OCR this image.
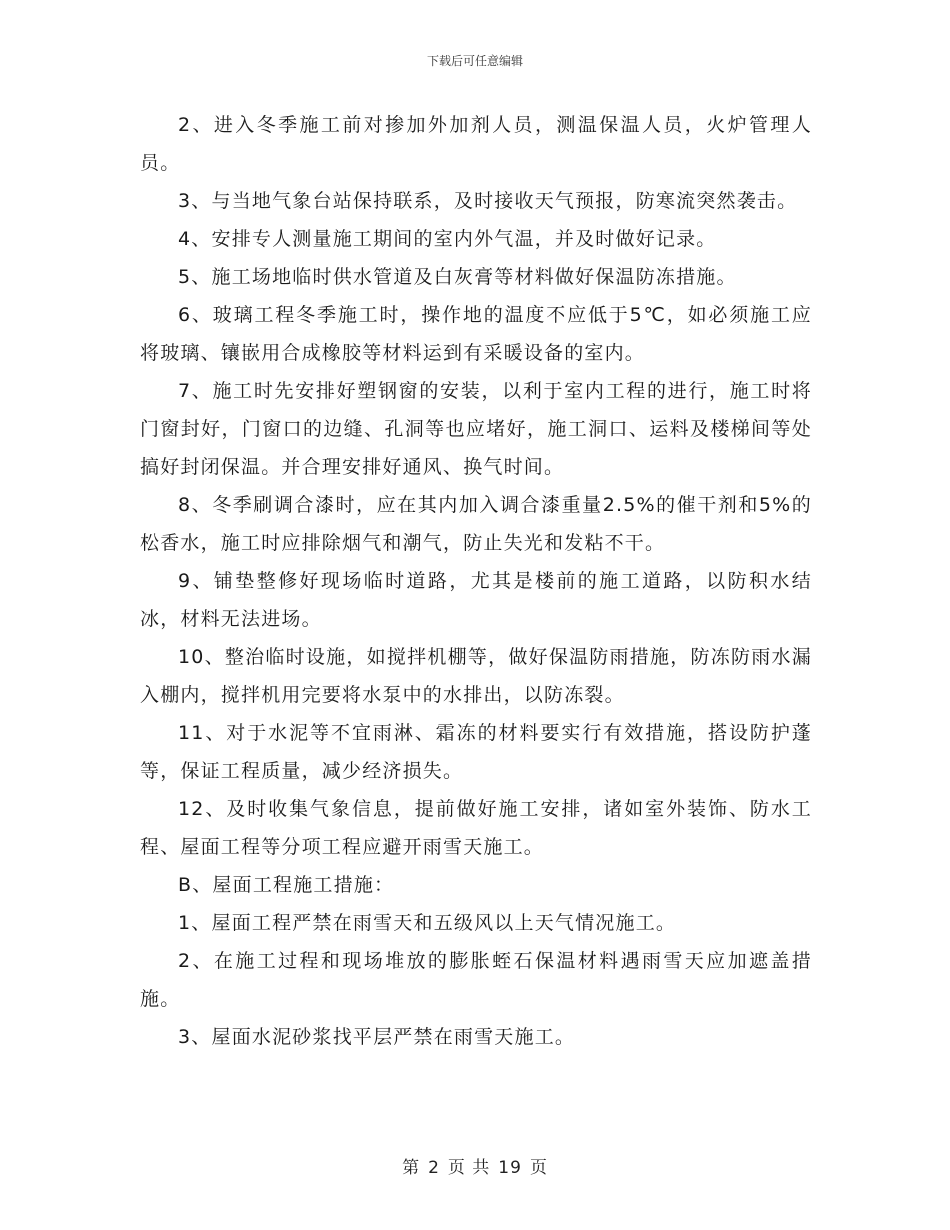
下载后可任意编辑

2、进入冬季施工前对掺加外加剂人员，测温保温人员，火炉管理人员。

3、与当地气象台站保持联系，及时接收天气预报，防寒流突然袭击。

4、安排专人测量施工期间的室内外气温，并及时做好记录。

5、施工场地临时供水管道及白灰膏等材料做好保温防冻措施。

6、玻璃工程冬季施工时，操作地的温度不应低于5℃，如必须施工应将玻璃、镶嵌用合成橡胶等材料运到有采暖设备的室内。

7、施工时先安排好塑钢窗的安装，以利于室内工程的进行，施工时将门窗封好，门窗口的边缝、孔洞等也应堵好，施工洞口、运料及楼梯间等处搞好封闭保温。并合理安排好通风、换气时间。

8、冬季刷调合漆时，应在其内加入调合漆重量2.5%的催干剂和5%的松香水，施工时应排除烟气和潮气，防止失光和发粘不干。

9、铺垫整修好现场临时道路，尤其是楼前的施工道路，以防积水结冰，材料无法进场。

10、整治临时设施，如搅拌机棚等，做好保温防雨措施，防冻防雨水漏入棚内，搅拌机用完要将水泵中的水排出，以防冻裂。

11、对于水泥等不宜雨淋、霜冻的材料要实行有效措施，搭设防护蓬等，保证工程质量，减少经济损失。

12、及时收集气象信息，提前做好施工安排，诸如室外装饰、防水工程、屋面工程等分项工程应避开雨雪天施工。

B、屋面工程施工措施：

1、屋面工程严禁在雨雪天和五级风以上天气情况施工。

2、在施工过程和现场堆放的膨胀蛭石保温材料遇雨雪天应加遮盖措施。

3、屋面水泥砂浆找平层严禁在雨雪天施工。

第 2 页 共 19 页
